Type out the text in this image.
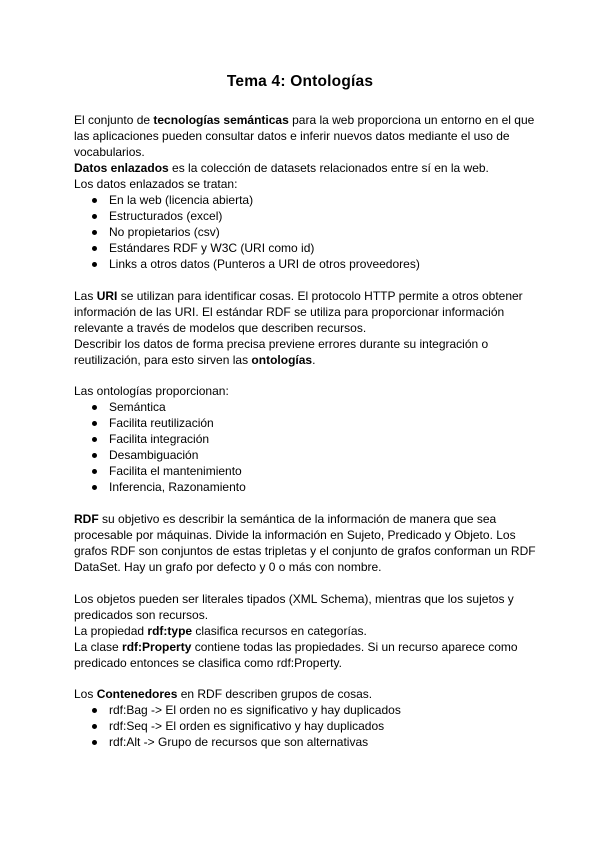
Tema 4: Ontologías

El conjunto de tecnologías semánticas para la web proporciona un entorno en el que las aplicaciones pueden consultar datos e inferir nuevos datos mediante el uso de vocabularios.

Datos enlazados es la colección de datasets relacionados entre sí en la web.

Los datos enlazados se tratan:

En la web (licencia abierta)
Estructurados (excel)
No propietarios (csv)
Estándares RDF y W3C (URI como id)
Links a otros datos (Punteros a URI de otros proveedores)

Las URI se utilizan para identificar cosas. El protocolo HTTP permite a otros obtener información de las URI. El estándar RDF se utiliza para proporcionar información relevante a través de modelos que describen recursos.

Describir los datos de forma precisa previene errores durante su integración o reutilización, para esto sirven las ontologías.

Las ontologías proporcionan:

Semántica
Facilita reutilización
Facilita integración
Desambiguación
Facilita el mantenimiento
Inferencia, Razonamiento

RDF su objetivo es describir la semántica de la información de manera que sea procesable por máquinas. Divide la información en Sujeto, Predicado y Objeto. Los grafos RDF son conjuntos de estas tripletas y el conjunto de grafos conforman un RDF DataSet. Hay un grafo por defecto y 0 o más con nombre.

Los objetos pueden ser literales tipados (XML Schema), mientras que los sujetos y predicados son recursos.

La propiedad rdf:type clasifica recursos en categorías.

La clase rdf:Property contiene todas las propiedades. Si un recurso aparece como predicado entonces se clasifica como rdf:Property.

Los Contenedores en RDF describen grupos de cosas.

rdf:Bag -> El orden no es significativo y hay duplicados
rdf:Seq -> El orden es significativo y hay duplicados
rdf:Alt -> Grupo de recursos que son alternativas
